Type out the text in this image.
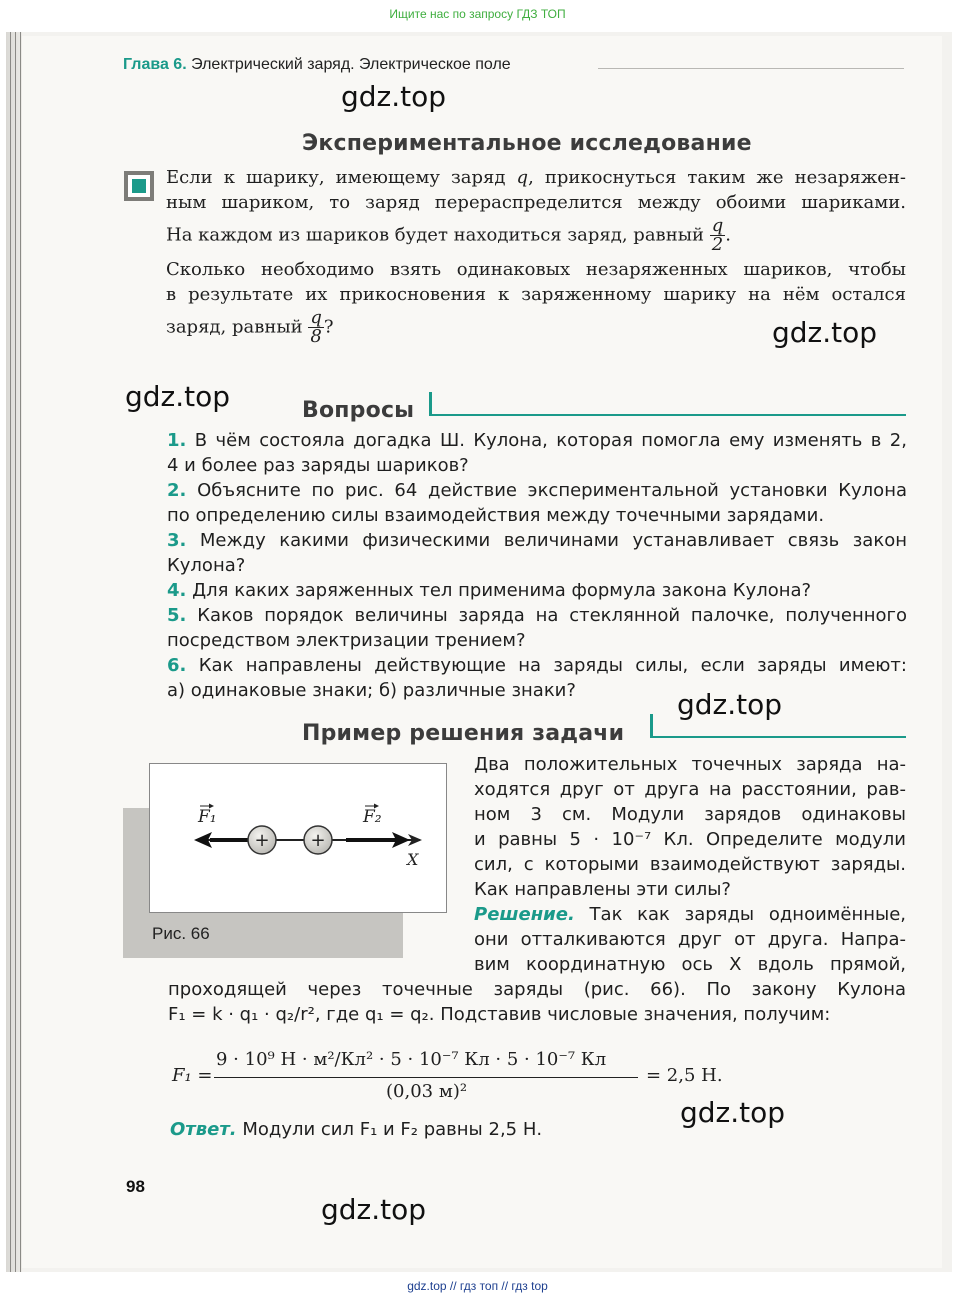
Ищите нас по запросу ГДЗ ТОП
Глава 6. Электрический заряд. Электрическое поле
gdz.top
gdz.top
gdz.top
gdz.top
gdz.top
gdz.top
Экспериментальное исследование
Если к шарику, имеющему заряд q, прикоснуться таким же незаряжен-
ным шариком, то заряд перераспределится между обоими шариками.
На каждом из шариков будет находиться заряд, равный $\frac{q}{2}$ .
Сколько необходимо взять одинаковых незаряженных шариков, чтобы
в результате их прикосновения к заряженному шарику на нём остался
заряд, равный $\frac{q}{8}$ ?
Вопросы
1. В чём состояла догадка Ш. Кулона, которая помогла ему изменять в 2,
4 и более раз заряды шариков?
2. Объясните по рис. 64 действие экспериментальной установки Кулона
по определению силы взаимодействия между точечными зарядами.
3. Между какими физическими величинами устанавливает связь закон
Кулона?
4. Для каких заряженных тел применима формула закона Кулона?
5. Каков порядок величины заряда на стеклянной палочке, полученного
посредством электризации трением?
6. Как направлены действующие на заряды силы, если заряды имеют:
а) одинаковые знаки; б) различные знаки?
Пример решения задачи
+ +
F₁	F₂
X
Рис. 66
Два положительных точечных заряда на-
ходятся друг от друга на расстоянии, рав-
ном 3 см. Модули зарядов одинаковы
и равны 5 · 10⁻⁷ Кл. Определите модули
сил, с которыми взаимодействуют заряды.
Как направлены эти силы?
Решение. Так как заряды одноимённые,
они отталкиваются друг от друга. Напра-
вим координатную ось X вдоль прямой,
проходящей через точечные заряды (рис. 66). По закону Кулона
F₁ = k · q₁ · q₂/r², где q₁ = q₂. Подставив числовые значения, получим:
F₁ =
9 · 10⁹ Н · м²/Кл² · 5 · 10⁻⁷ Кл · 5 · 10⁻⁷ Кл
(0,03 м)²
= 2,5 Н.
Ответ. Модули сил F₁ и F₂ равны 2,5 Н.
98
gdz.top // гдз топ // гдз top
